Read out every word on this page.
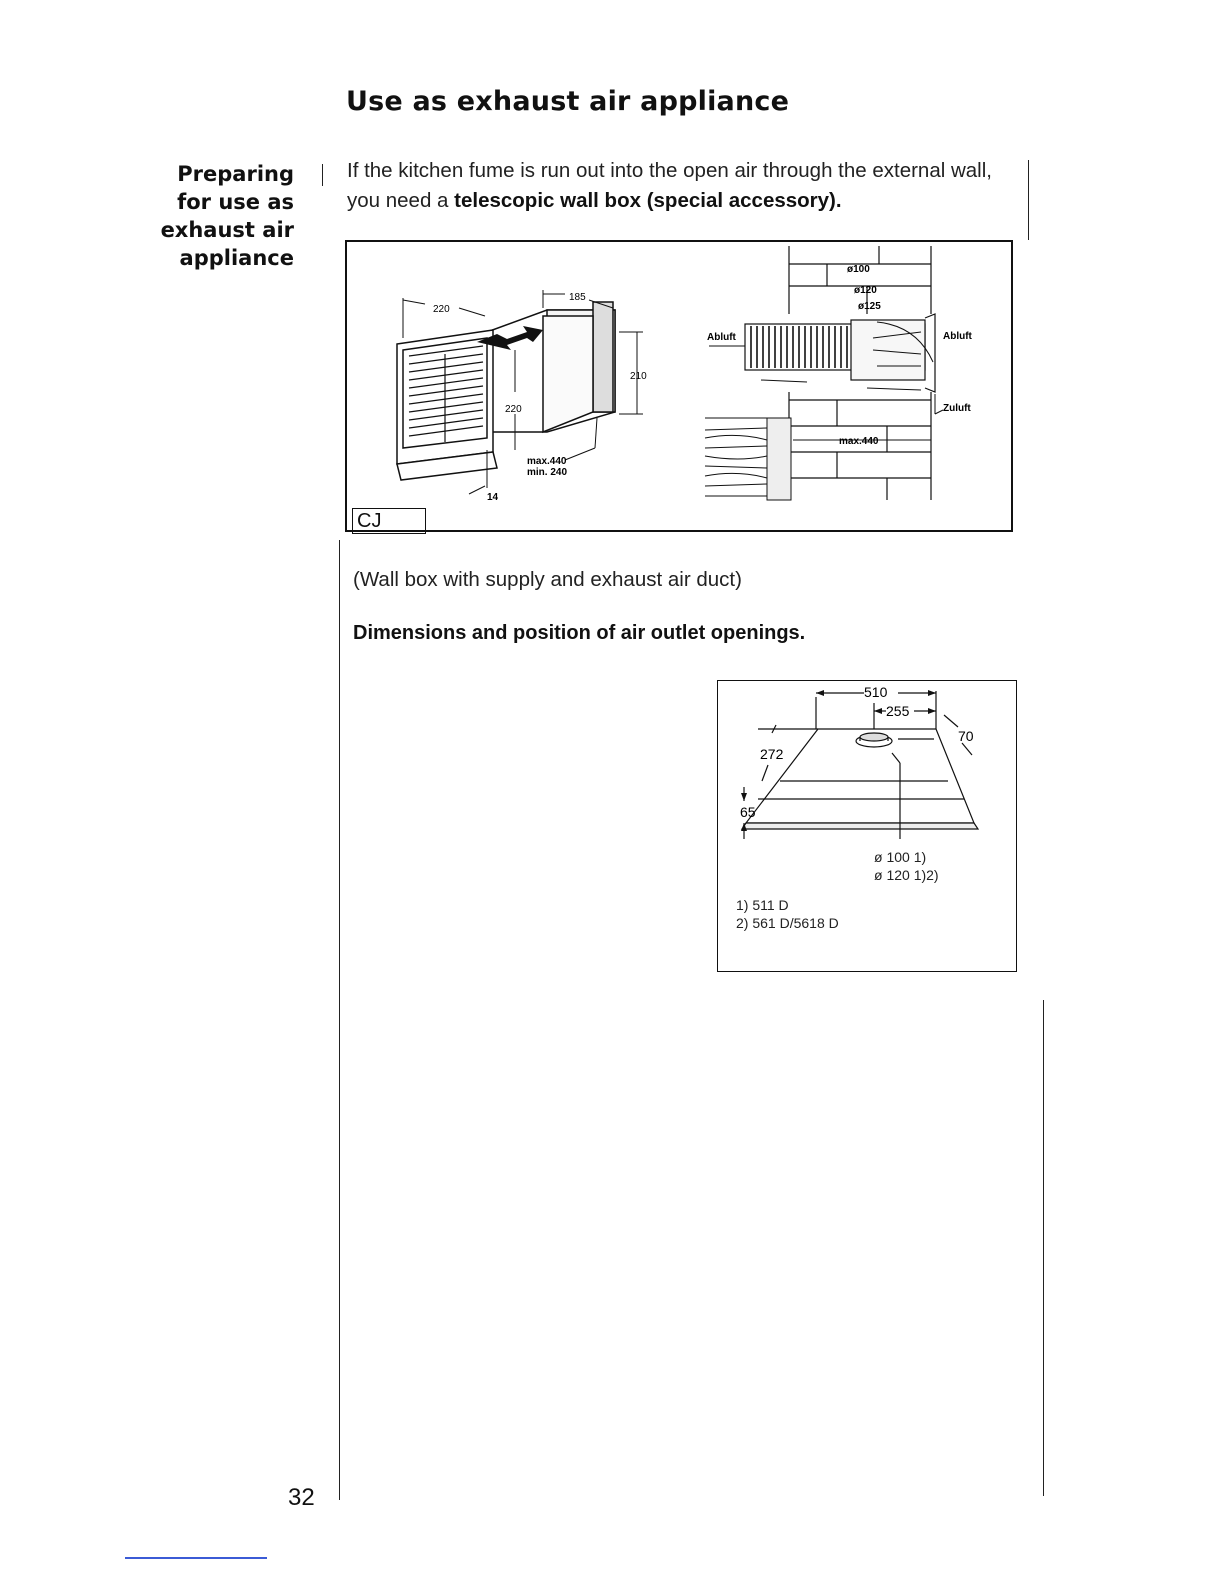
Use as exhaust air appliance
Preparing
for use as
exhaust air
appliance

If the kitchen fume is run out into the open air through the external wall, you need a telescopic wall box (special accessory).

220
185
210
220
max.440
min. 240
14
ø100
ø120
ø125
Abluft	Abluft
Zuluft
max.440
CJ

(Wall box with supply and exhaust air duct)

Dimensions and position of air outlet openings.
510
255
70
272
65
ø 100 1)
ø 120 1)2)
1) 511 D
2) 561 D/5618 D

32
